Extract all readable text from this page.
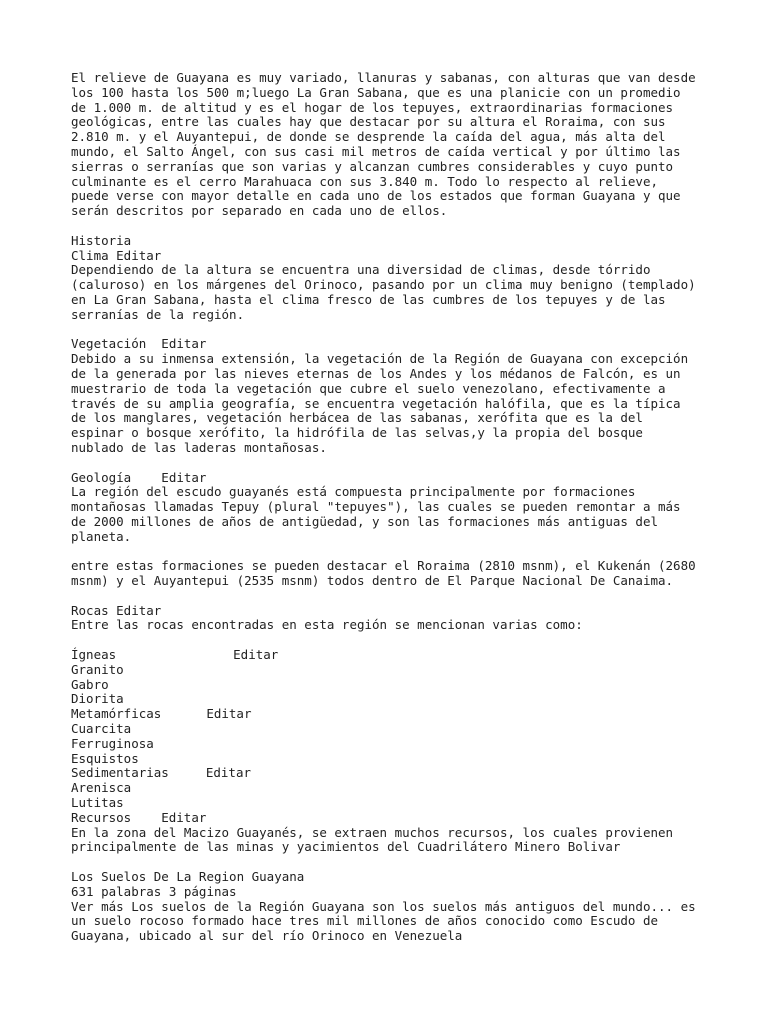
El relieve de Guayana es muy variado, llanuras y sabanas, con alturas que van desde
los 100 hasta los 500 m;luego La Gran Sabana, que es una planicie con un promedio
de 1.000 m. de altitud y es el hogar de los tepuyes, extraordinarias formaciones
geológicas, entre las cuales hay que destacar por su altura el Roraima, con sus
2.810 m. y el Auyantepui, de donde se desprende la caída del agua, más alta del
mundo, el Salto Ángel, con sus casi mil metros de caída vertical y por último las
sierras o serranías que son varias y alcanzan cumbres considerables y cuyo punto
culminante es el cerro Marahuaca con sus 3.840 m. Todo lo respecto al relieve,
puede verse con mayor detalle en cada uno de los estados que forman Guayana y que
serán descritos por separado en cada uno de ellos.
Historia
Clima Editar
Dependiendo de la altura se encuentra una diversidad de climas, desde tórrido
(caluroso) en los márgenes del Orinoco, pasando por un clima muy benigno (templado)
en La Gran Sabana, hasta el clima fresco de las cumbres de los tepuyes y de las
serranías de la región.
Vegetación  Editar
Debido a su inmensa extensión, la vegetación de la Región de Guayana con excepción
de la generada por las nieves eternas de los Andes y los médanos de Falcón, es un
muestrario de toda la vegetación que cubre el suelo venezolano, efectivamente a
través de su amplia geografía, se encuentra vegetación halófila, que es la típica
de los manglares, vegetación herbácea de las sabanas, xerófita que es la del
espinar o bosque xerófito, la hidrófila de las selvas,y la propia del bosque
nublado de las laderas montañosas.
Geología    Editar
La región del escudo guayanés está compuesta principalmente por formaciones
montañosas llamadas Tepuy (plural "tepuyes"), las cuales se pueden remontar a más
de 2000 millones de años de antigüedad, y son las formaciones más antiguas del
planeta.
entre estas formaciones se pueden destacar el Roraima (2810 msnm), el Kukenán (2680
msnm) y el Auyantepui (2535 msnm) todos dentro de El Parque Nacional De Canaima.
Rocas Editar
Entre las rocas encontradas en esta región se mencionan varias como:
Ígneas	Editar
Granito
Gabro
Diorita
Metamórficas	Editar
Cuarcita
Ferruginosa
Esquistos
Sedimentarias	Editar
Arenisca
Lutitas
Recursos Editar
En la zona del Macizo Guayanés, se extraen muchos recursos, los cuales provienen
principalmente de las minas y yacimientos del Cuadrilátero Minero Bolivar
Los Suelos De La Region Guayana
631 palabras 3 páginas
Ver más Los suelos de la Región Guayana son los suelos más antiguos del mundo... es
un suelo rocoso formado hace tres mil millones de años conocido como Escudo de
Guayana, ubicado al sur del río Orinoco en Venezuela
